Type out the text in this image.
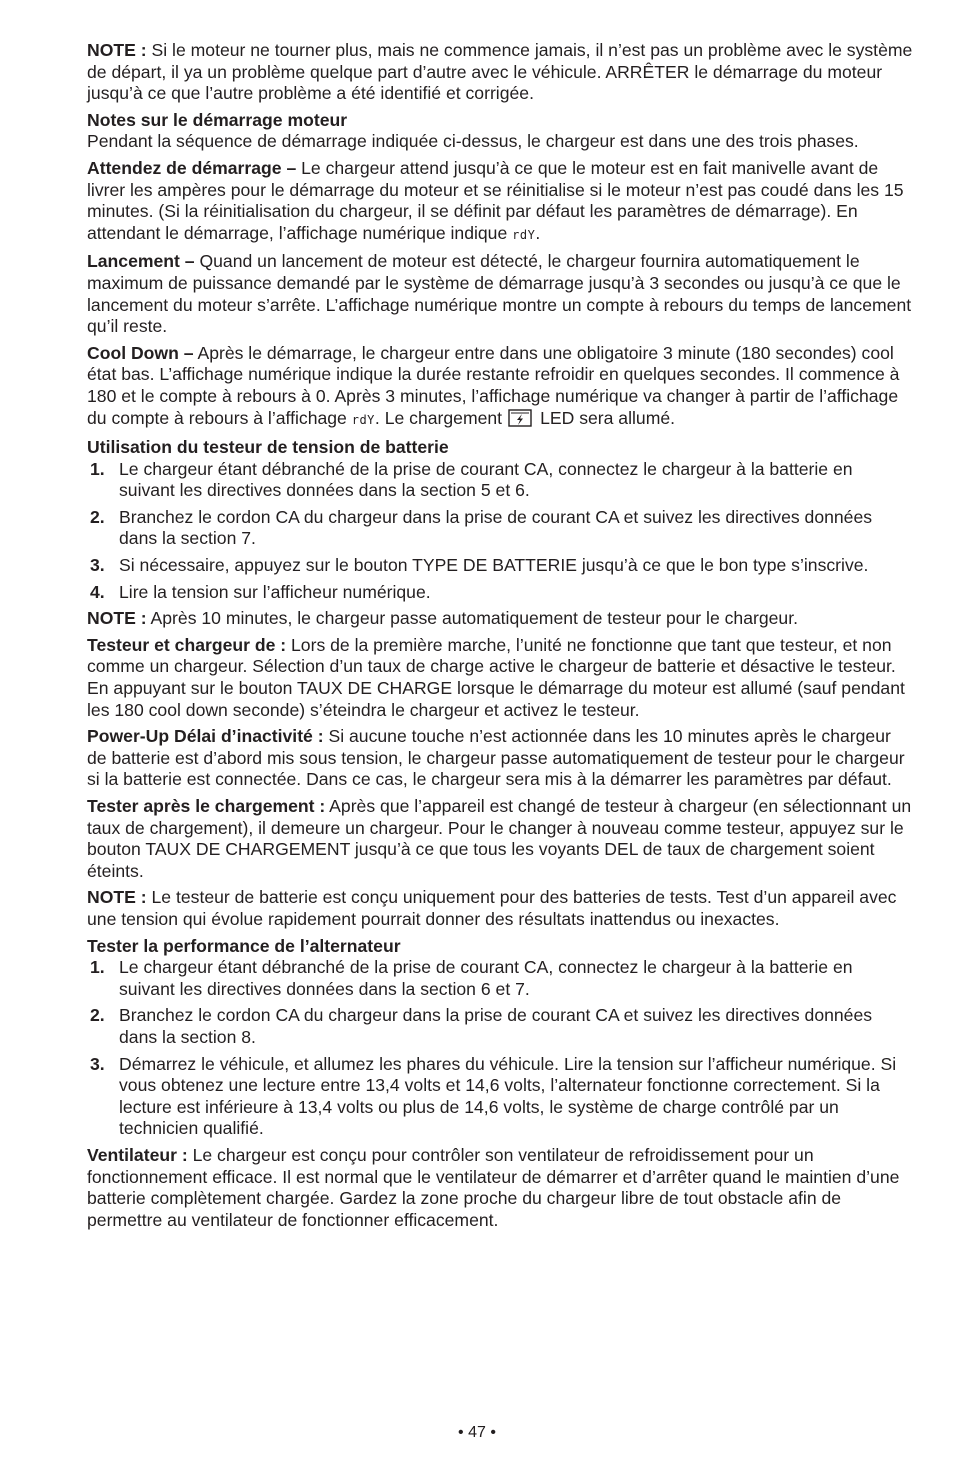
NOTE : Si le moteur ne tourner plus, mais ne commence jamais, il n’est pas un problème avec le système de départ, il ya un problème quelque part d’autre avec le véhicule. ARRÊTER le démarrage du moteur jusqu’à ce que l’autre problème a été identifié et corrigée.

Notes sur le démarrage moteur

Pendant la séquence de démarrage indiquée ci-dessus, le chargeur est dans une des trois phases.

Attendez de démarrage – Le chargeur attend jusqu’à ce que le moteur est en fait manivelle avant de livrer les ampères pour le démarrage du moteur et se réinitialise si le moteur n’est pas coudé dans les 15 minutes. (Si la réinitialisation du chargeur, il se définit par défaut les paramètres de démarrage). En attendant le démarrage, l’affichage numérique indique rdY.

Lancement – Quand un lancement de moteur est détecté, le chargeur fournira automatiquement le maximum de puissance demandé par le système de démarrage jusqu’à 3 secondes ou jusqu’à ce que le lancement du moteur s’arrête. L’affichage numérique montre un compte à rebours du temps de lancement qu’il reste.

Cool Down – Après le démarrage, le chargeur entre dans une obligatoire 3 minute (180 secondes) cool état bas. L’affichage numérique indique la durée restante refroidir en quelques secondes. Il commence à 180 et le compte à rebours à 0. Après 3 minutes, l’affichage numérique va changer à partir de l’affichage du compte à rebours à l’affichage rdY. Le chargement LED sera allumé.

Utilisation du testeur de tension de batterie

1. Le chargeur étant débranché de la prise de courant CA, connectez le chargeur à la batterie en suivant les directives données dans la section 5 et 6.
2. Branchez le cordon CA du chargeur dans la prise de courant CA et suivez les directives données dans la section 7.
3. Si nécessaire, appuyez sur le bouton TYPE DE BATTERIE jusqu’à ce que le bon type s’inscrive.
4. Lire la tension sur l’afficheur numérique.

NOTE : Après 10 minutes, le chargeur passe automatiquement de testeur pour le chargeur.

Testeur et chargeur de : Lors de la première marche, l’unité ne fonctionne que tant que testeur, et non comme un chargeur. Sélection d’un taux de charge active le chargeur de batterie et désactive le testeur. En appuyant sur le bouton TAUX DE CHARGE lorsque le démarrage du moteur est allumé (sauf pendant les 180 cool down seconde) s’éteindra le chargeur et activez le testeur.

Power-Up Délai d’inactivité : Si aucune touche n’est actionnée dans les 10 minutes après le chargeur de batterie est d’abord mis sous tension, le chargeur passe automatiquement de testeur pour le chargeur si la batterie est connectée. Dans ce cas, le chargeur sera mis à la démarrer les paramètres par défaut.

Tester après le chargement : Après que l’appareil est changé de testeur à chargeur (en sélectionnant un taux de chargement), il demeure un chargeur. Pour le changer à nouveau comme testeur, appuyez sur le bouton TAUX DE CHARGEMENT jusqu’à ce que tous les voyants DEL de taux de chargement soient éteints.

NOTE : Le testeur de batterie est conçu uniquement pour des batteries de tests. Test d’un appareil avec une tension qui évolue rapidement pourrait donner des résultats inattendus ou inexactes.

Tester la performance de l’alternateur

1. Le chargeur étant débranché de la prise de courant CA, connectez le chargeur à la batterie en suivant les directives données dans la section 6 et 7.
2. Branchez le cordon CA du chargeur dans la prise de courant CA et suivez les directives données dans la section 8.
3. Démarrez le véhicule, et allumez les phares du véhicule. Lire la tension sur l’afficheur numérique. Si vous obtenez une lecture entre 13,4 volts et 14,6 volts, l’alternateur fonctionne correctement. Si la lecture est inférieure à 13,4 volts ou plus de 14,6 volts, le système de charge contrôlé par un technicien qualifié.

Ventilateur : Le chargeur est conçu pour contrôler son ventilateur de refroidissement pour un fonctionnement efficace. Il est normal que le ventilateur de démarrer et d’arrêter quand le maintien d’une batterie complètement chargée. Gardez la zone proche du chargeur libre de tout obstacle afin de permettre au ventilateur de fonctionner efficacement.

• 47 •
